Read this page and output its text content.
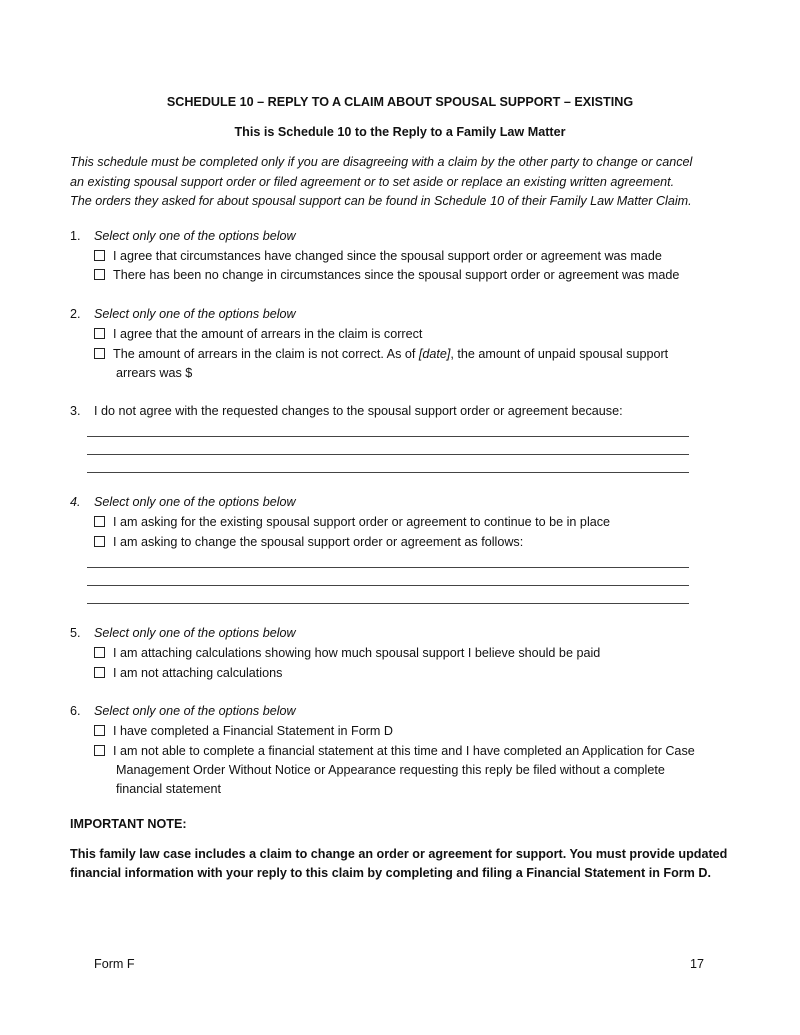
SCHEDULE 10 – REPLY TO A CLAIM ABOUT SPOUSAL SUPPORT – EXISTING
This is Schedule 10 to the Reply to a Family Law Matter
This schedule must be completed only if you are disagreeing with a claim by the other party to change or cancel
an existing spousal support order or filed agreement or to set aside or replace an existing written agreement.
The orders they asked for about spousal support can be found in Schedule 10 of their Family Law Matter Claim.
1. Select only one of the options below
I agree that circumstances have changed since the spousal support order or agreement was made
There has been no change in circumstances since the spousal support order or agreement was made
2. Select only one of the options below
I agree that the amount of arrears in the claim is correct
The amount of arrears in the claim is not correct. As of [date], the amount of unpaid spousal support
arrears was $
3. I do not agree with the requested changes to the spousal support order or agreement because:
4. Select only one of the options below
I am asking for the existing spousal support order or agreement to continue to be in place
I am asking to change the spousal support order or agreement as follows:
5. Select only one of the options below
I am attaching calculations showing how much spousal support I believe should be paid
I am not attaching calculations
6. Select only one of the options below
I have completed a Financial Statement in Form D
I am not able to complete a financial statement at this time and I have completed an Application for Case
Management Order Without Notice or Appearance requesting this reply be filed without a complete
financial statement
IMPORTANT NOTE:
This family law case includes a claim to change an order or agreement for support. You must provide updated
financial information with your reply to this claim by completing and filing a Financial Statement in Form D.
Form F	17
